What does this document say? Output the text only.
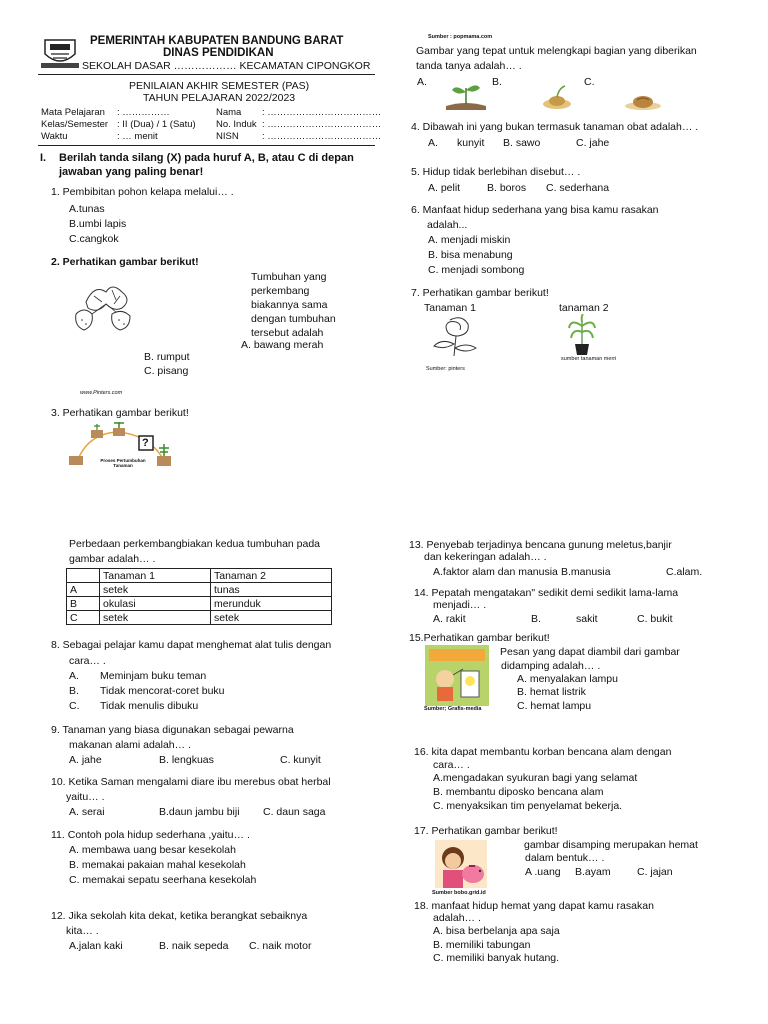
PEMERINTAH KABUPATEN BANDUNG BARAT
DINAS PENDIDIKAN
SEKOLAH DASAR ……………… KECAMATAN CIPONGKOR
PENILAIAN AKHIR SEMESTER (PAS)
TAHUN PELAJARAN 2022/2023
Mata Pelajaran : ……………
Kelas/Semester : II (Dua) / 1 (Satu)
Waktu	: … menit
Nama : ………………………………
No. Induk : ………………………………
NISN : ………………………………
I. Berilah tanda silang (X) pada huruf A, B, atau C di depan
jawaban yang paling benar!
1. Pembibitan pohon kelapa melalui… .
A.tunas
B.umbi lapis
C.cangkok
2. Perhatikan gambar berikut!
Tumbuhan yang
perkembang
biakannya sama
dengan tumbuhan
tersebut adalah
A. bawang merah
B. rumput
C. pisang
www.Pinters.com
3. Perhatikan gambar berikut!
?
Proses Pertumbuhan Tanaman
Perbedaan perkembangbiakan kedua tumbuhan pada
gambar adalah… .
	Tanaman 1	Tanaman 2
A	setek	tunas
B	okulasi	merunduk
C	setek	setek
8. Sebagai pelajar kamu dapat menghemat alat tulis dengan
cara… .
A. Meminjam buku teman
B. Tidak mencorat-coret buku
C. Tidak menulis dibuku
9. Tanaman yang biasa digunakan sebagai pewarna
makanan alami adalah… .
A. jahe	B. lengkuas	C. kunyit
10. Ketika Saman mengalami diare ibu merebus obat herbal
yaitu… .
A. serai	B.daun jambu biji C. daun saga
11. Contoh pola hidup sederhana ,yaitu… .
A. membawa uang besar kesekolah
B. memakai pakaian mahal kesekolah
C. memakai sepatu seerhana kesekolah
12. Jika sekolah kita dekat, ketika berangkat sebaiknya
kita… .
A.jalan kaki	B. naik sepeda C. naik motor
Sumber : popmama.com
Gambar yang tepat untuk melengkapi bagian yang diberikan
tanda tanya adalah… .
A.	B.	C.
4. Dibawah ini yang bukan termasuk tanaman obat adalah… .
A. kunyit B. sawo	C. jahe
5. Hidup tidak berlebihan disebut… .
A. pelit	B. boros C. sederhana
6. Manfaat hidup sederhana yang bisa kamu rasakan
adalah...
A. menjadi miskin
B. bisa menabung
C. menjadi sombong
7. Perhatikan gambar berikut!
Tanaman 1	tanaman 2
Sumber: pinters
sumber tanaman merri
13. Penyebab terjadinya bencana gunung meletus,banjir
dan kekeringan adalah… .
A.faktor alam dan manusia B.manusia	C.alam.
14. Pepatah mengatakan" sedikit demi sedikit lama-lama
menjadi… .
A. rakit	B.	sakit	C. bukit
15.Perhatikan gambar berikut!
Pesan yang dapat diambil dari gambar
didamping adalah… .
A. menyalakan lampu
B. hemat listrik
C. hemat lampu
Sumber; Grafis-media
16. kita dapat membantu korban bencana alam dengan
cara… .
A.mengadakan syukuran bagi yang selamat
B. membantu diposko bencana alam
C. menyaksikan tim penyelamat bekerja.
17. Perhatikan gambar berikut!
gambar disamping merupakan hemat
dalam bentuk… .
A .uang B.ayam	C. jajan
Sumber bobo.grid.id
18. manfaat hidup hemat yang dapat kamu rasakan
adalah… .
A. bisa berbelanja apa saja
B. memiliki tabungan
C. memiliki banyak hutang.
